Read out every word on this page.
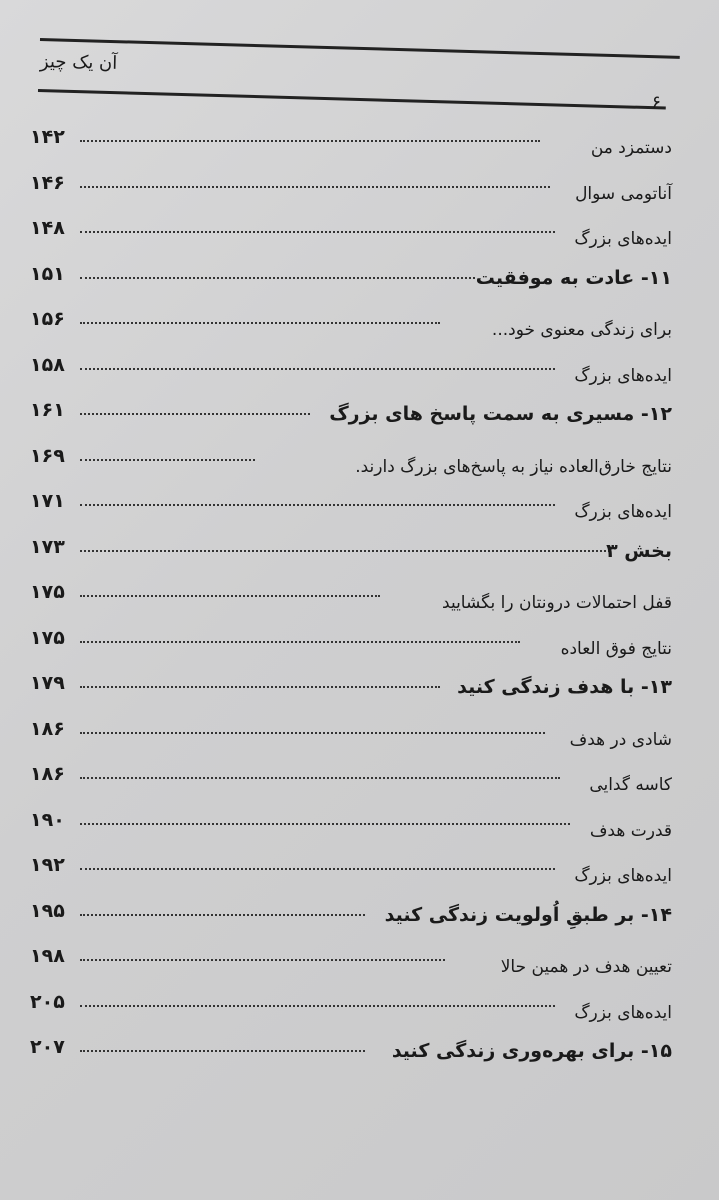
آن یک چیز
۶
۱۴۲	دستمزد من
۱۴۶	آناتومی سوال
۱۴۸	ایده‌های بزرگ
۱۵۱	۱۱- عادت به موفقیت
۱۵۶	برای زندگی معنوی خود...
۱۵۸	ایده‌های بزرگ
۱۶۱	۱۲- مسیری به سمت پاسخ های بزرگ
۱۶۹	نتایج خارق‌العاده نیاز به پاسخ‌های بزرگ دارند.
۱۷۱	ایده‌های بزرگ
۱۷۳	بخش ۳
۱۷۵	قفل احتمالات درونتان را بگشایید
۱۷۵	نتایج فوق العاده
۱۷۹	۱۳- با هدف زندگی کنید
۱۸۶	شادی در هدف
۱۸۶	کاسه گدایی
۱۹۰	قدرت هدف
۱۹۲	ایده‌های بزرگ
۱۹۵	۱۴- بر طبقِ اُولویت زندگی کنید
۱۹۸	تعیین هدف در همین حالا
۲۰۵	ایده‌های بزرگ
۲۰۷	۱۵- برای بهره‌وری زندگی کنید
